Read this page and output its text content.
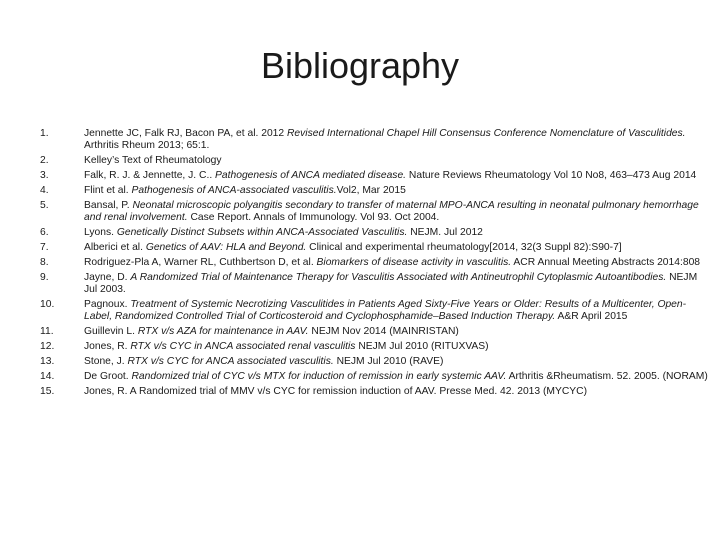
Bibliography
1.	Jennette JC, Falk RJ, Bacon PA, et al. 2012 Revised International Chapel Hill Consensus Conference Nomenclature of Vasculitides. Arthritis Rheum 2013; 65:1.
2.	Kelley’s Text of Rheumatology
3.	Falk, R. J. & Jennette, J. C.. Pathogenesis of ANCA mediated disease. Nature Reviews Rheumatology Vol 10 No8, 463–473 Aug 2014
4.	Flint et al. Pathogenesis of ANCA-associated vasculitis.Vol2, Mar 2015
5.	Bansal, P. Neonatal microscopic polyangitis secondary to transfer of maternal MPO-ANCA resulting in neonatal pulmonary hemorrhage and renal involvement. Case Report. Annals of Immunology. Vol 93. Oct 2004.
6.	Lyons. Genetically Distinct Subsets within ANCA-Associated Vasculitis. NEJM. Jul 2012
7.	Alberici et al. Genetics of AAV: HLA and Beyond. Clinical and experimental rheumatology[2014, 32(3 Suppl 82):S90-7]
8.	Rodriguez-Pla A, Warner RL, Cuthbertson D, et al. Biomarkers of disease activity in vasculitis. ACR Annual Meeting Abstracts 2014:808
9.	Jayne, D. A Randomized Trial of Maintenance Therapy for Vasculitis Associated with Antineutrophil Cytoplasmic Autoantibodies. NEJM Jul 2003.
10.	Pagnoux. Treatment of Systemic Necrotizing Vasculitides in Patients Aged Sixty-Five Years or Older: Results of a Multicenter, Open-Label, Randomized Controlled Trial of Corticosteroid and Cyclophosphamide–Based Induction Therapy. A&R April 2015
11.	Guillevin L. RTX v/s AZA for maintenance in AAV. NEJM Nov 2014 (MAINRISTAN)
12.	Jones, R. RTX v/s CYC in ANCA associated renal vasculitis NEJM Jul 2010 (RITUXVAS)
13.	Stone, J. RTX v/s CYC for ANCA associated vasculitis. NEJM Jul 2010 (RAVE)
14.	De Groot. Randomized trial of CYC v/s MTX for induction of remission in early systemic AAV. Arthritis &Rheumatism. 52. 2005. (NORAM)
15.	Jones, R. A Randomized trial of MMV v/s CYC for remission induction of AAV. Presse Med. 42. 2013 (MYCYC)
